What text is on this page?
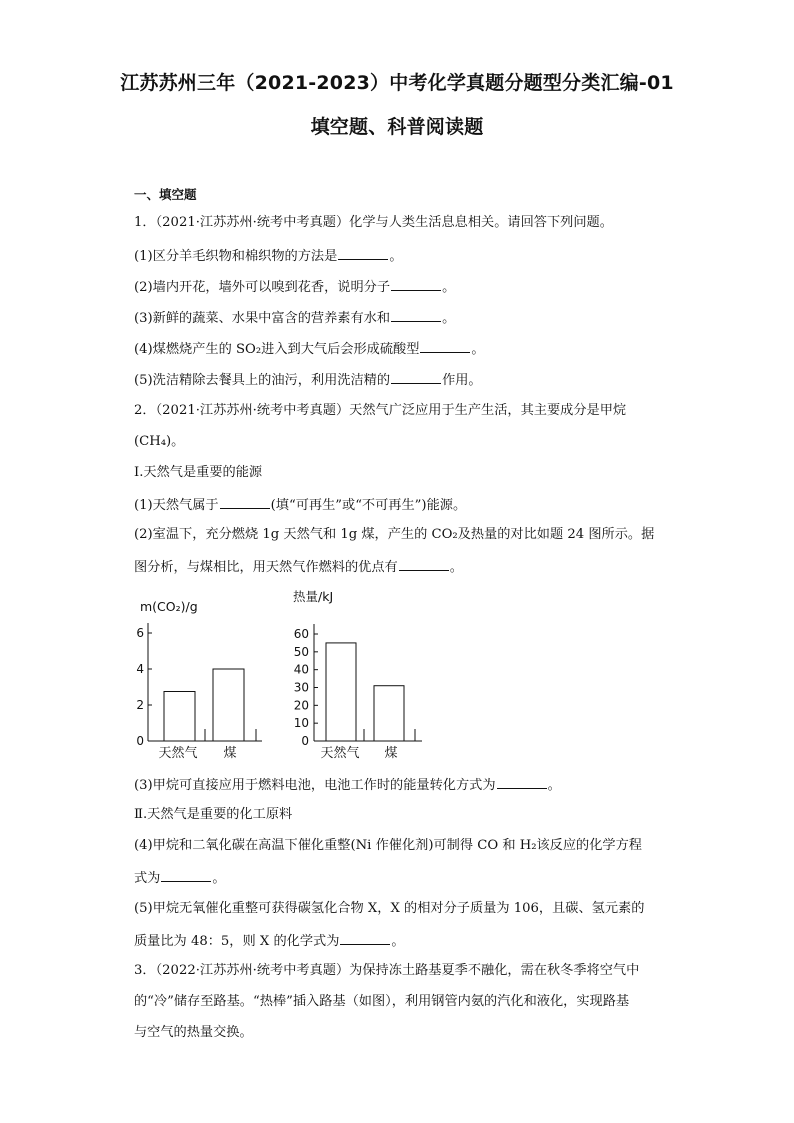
江苏苏州三年（2021-2023）中考化学真题分题型分类汇编-01
填空题、科普阅读题
一、填空题
1．（2021·江苏苏州·统考中考真题）化学与人类生活息息相关。请回答下列问题。
(1)区分羊毛织物和棉织物的方法是	。
(2)墙内开花，墙外可以嗅到花香，说明分子	。
(3)新鲜的蔬菜、水果中富含的营养素有水和	。
(4)煤燃烧产生的 SO₂进入到大气后会形成硫酸型	。
(5)洗洁精除去餐具上的油污，利用洗洁精的	作用。
2．（2021·江苏苏州·统考中考真题）天然气广泛应用于生产生活，其主要成分是甲烷
(CH₄)。
Ⅰ.天然气是重要的能源
(1)天然气属于	(填“可再生”或“不可再生”)能源。
(2)室温下，充分燃烧 1g 天然气和 1g 煤，产生的 CO₂及热量的对比如题 24 图所示。据
图分析，与煤相比，用天然气作燃料的优点有	。
m(CO₂)/g
0
2
4
6
天然气 煤
热量/kJ
0
10
20
30
40
50
60
天然气 煤
(3)甲烷可直接应用于燃料电池，电池工作时的能量转化方式为	。
Ⅱ.天然气是重要的化工原料
(4)甲烷和二氧化碳在高温下催化重整(Ni 作催化剂)可制得 CO 和 H₂该反应的化学方程
式为	。
(5)甲烷无氧催化重整可获得碳氢化合物 X，X 的相对分子质量为 106，且碳、氢元素的
质量比为 48：5，则 X 的化学式为	。
3．（2022·江苏苏州·统考中考真题）为保持冻土路基夏季不融化，需在秋冬季将空气中
的“冷”储存至路基。“热棒”插入路基（如图），利用钢管内氨的汽化和液化，实现路基
与空气的热量交换。
